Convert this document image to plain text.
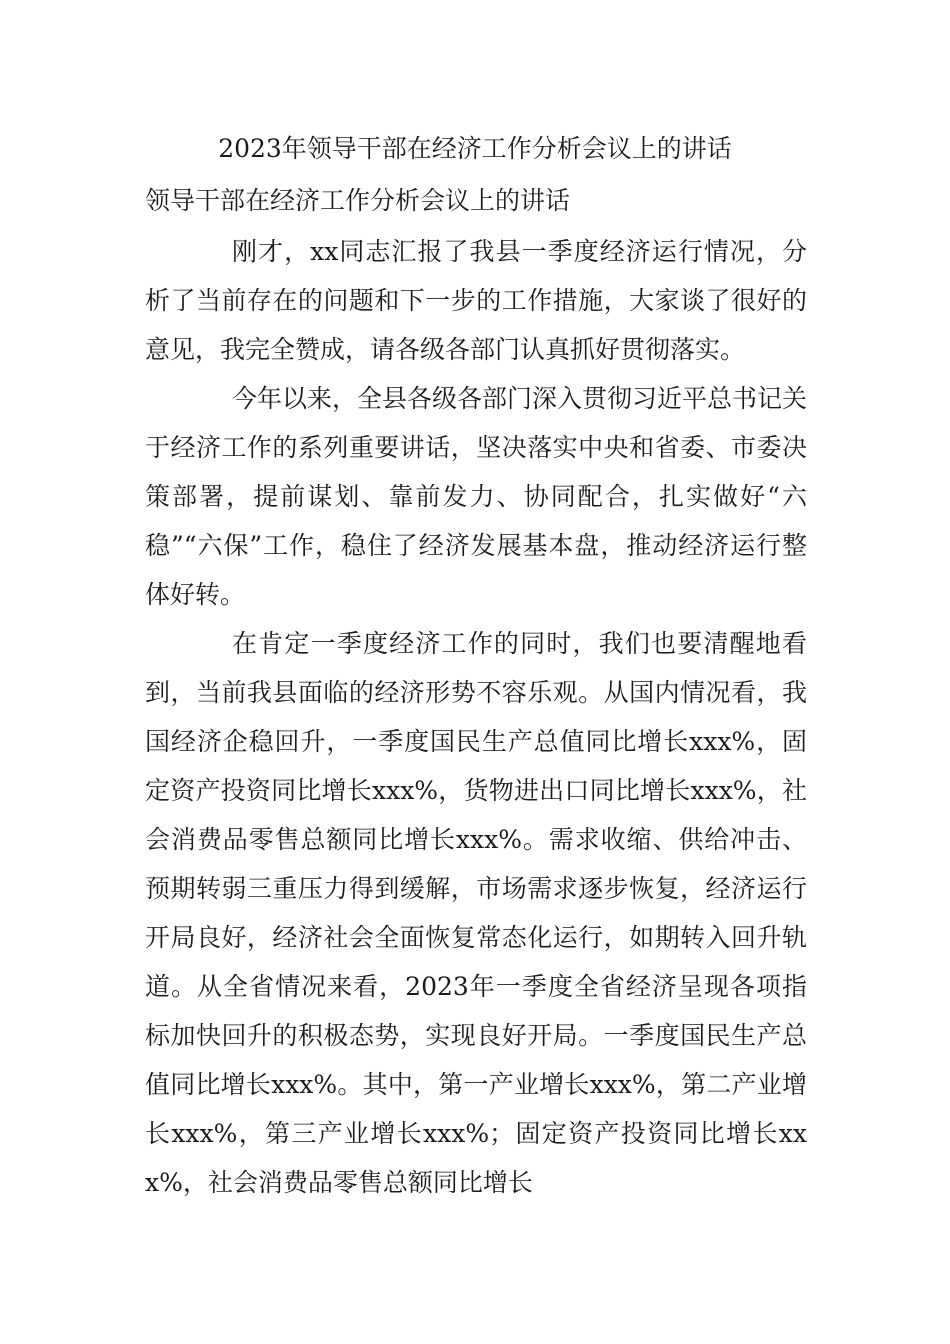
2023年领导干部在经济工作分析会议上的讲话
领导干部在经济工作分析会议上的讲话

刚才，xx同志汇报了我县一季度经济运行情况，分析了当前存在的问题和下一步的工作措施，大家谈了很好的意见，我完全赞成，请各级各部门认真抓好贯彻落实。

今年以来，全县各级各部门深入贯彻习近平总书记关于经济工作的系列重要讲话，坚决落实中央和省委、市委决策部署，提前谋划、靠前发力、协同配合，扎实做好“六稳”“六保”工作，稳住了经济发展基本盘，推动经济运行整体好转。

在肯定一季度经济工作的同时，我们也要清醒地看到，当前我县面临的经济形势不容乐观。从国内情况看，我国经济企稳回升，一季度国民生产总值同比增长xxx%，固定资产投资同比增长xxx%，货物进出口同比增长xxx%，社会消费品零售总额同比增长xxx%。需求收缩、供给冲击、预期转弱三重压力得到缓解，市场需求逐步恢复，经济运行开局良好，经济社会全面恢复常态化运行，如期转入回升轨道。从全省情况来看，2023年一季度全省经济呈现各项指标加快回升的积极态势，实现良好开局。一季度国民生产总值同比增长xxx%。其中，第一产业增长xxx%，第二产业增长xxx%，第三产业增长xxx%；固定资产投资同比增长xxx%，社会消费品零售总额同比增长
